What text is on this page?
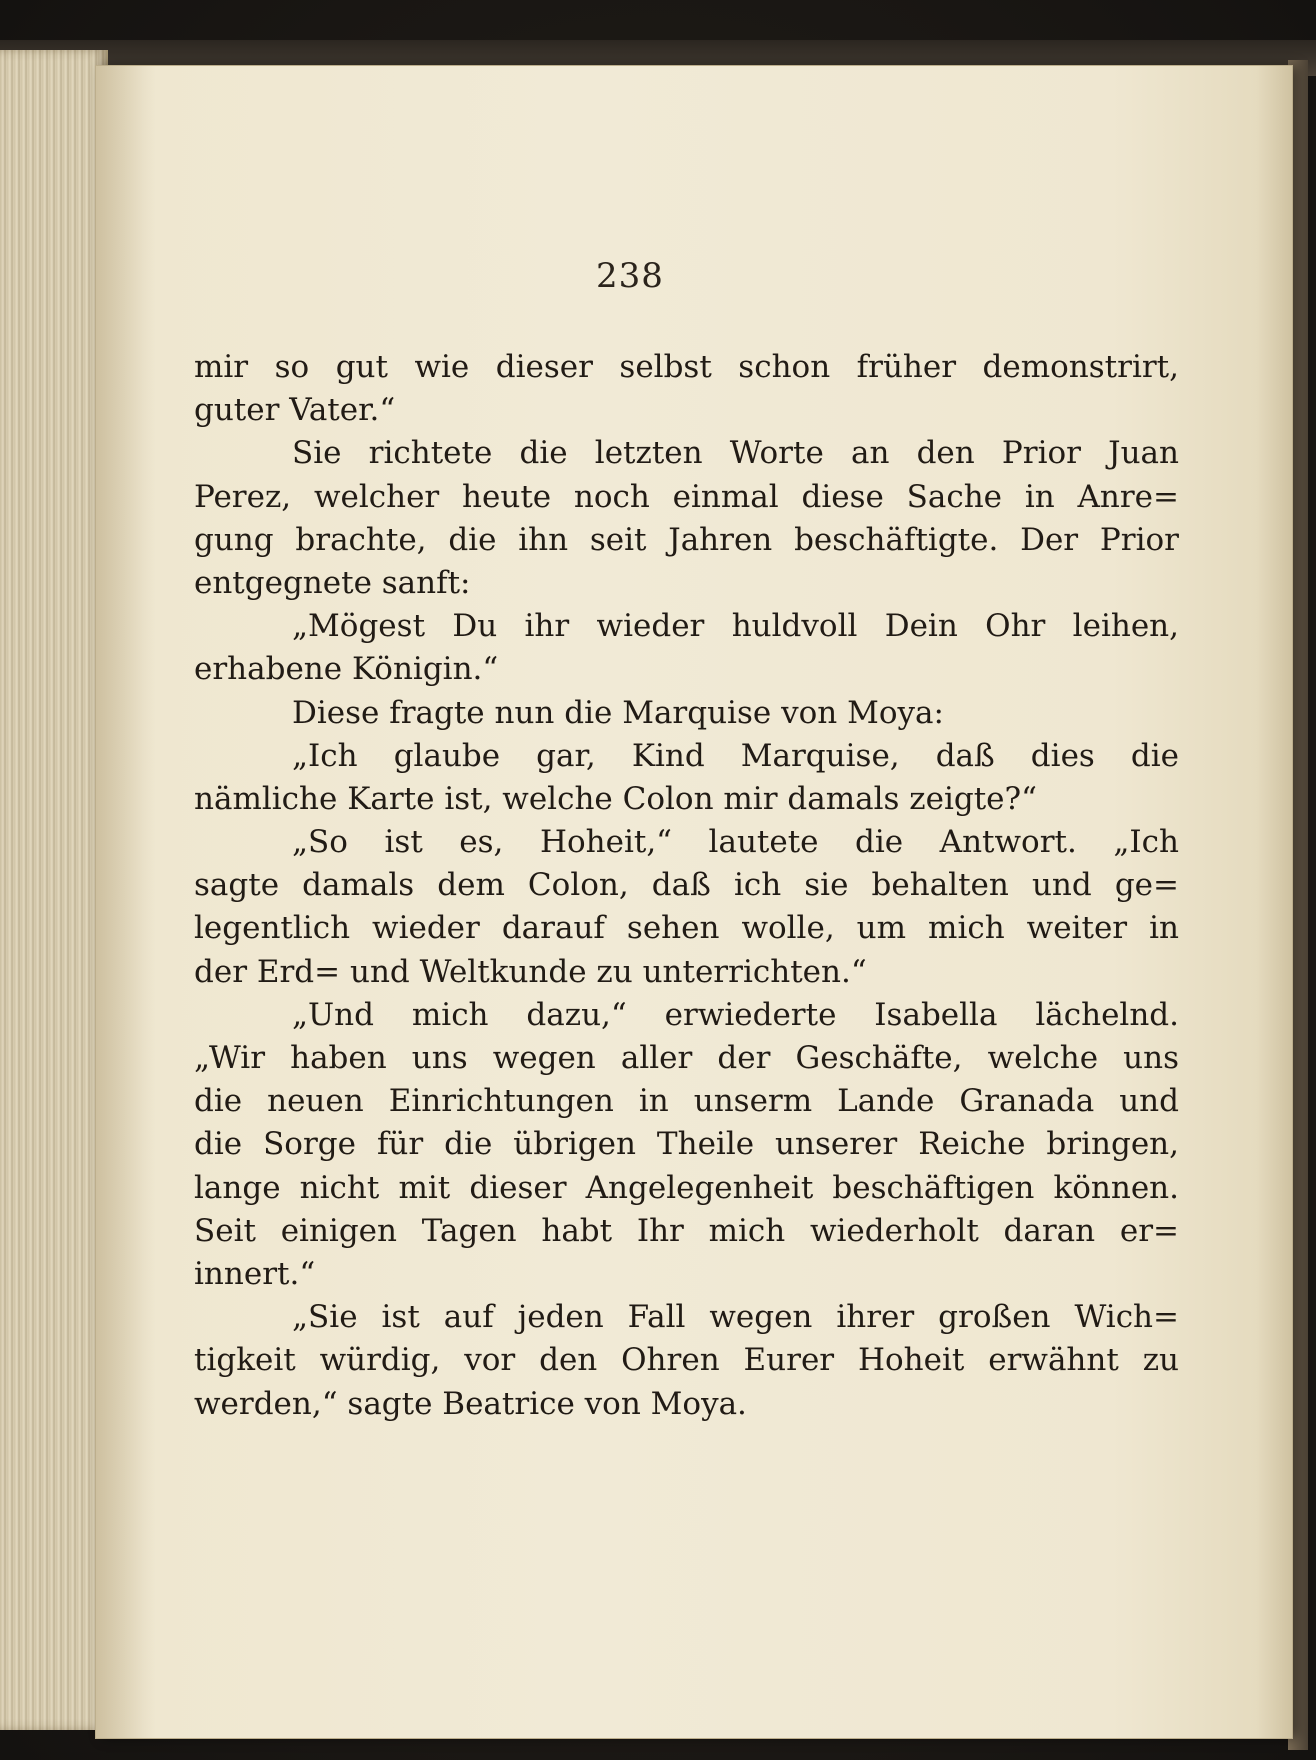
238
mir so gut wie dieser selbst schon früher demonstrirt,
guter Vater.“
Sie richtete die letzten Worte an den Prior Juan
Perez, welcher heute noch einmal diese Sache in Anre=
gung brachte, die ihn seit Jahren beschäftigte. Der Prior
entgegnete sanft:
„Mögest Du ihr wieder huldvoll Dein Ohr leihen,
erhabene Königin.“
Diese fragte nun die Marquise von Moya:
„Ich glaube gar, Kind Marquise, daß dies die
nämliche Karte ist, welche Colon mir damals zeigte?“
„So ist es, Hoheit,“ lautete die Antwort. „Ich
sagte damals dem Colon, daß ich sie behalten und ge=
legentlich wieder darauf sehen wolle, um mich weiter in
der Erd= und Weltkunde zu unterrichten.“
„Und mich dazu,“ erwiederte Isabella lächelnd.
„Wir haben uns wegen aller der Geschäfte, welche uns
die neuen Einrichtungen in unserm Lande Granada und
die Sorge für die übrigen Theile unserer Reiche bringen,
lange nicht mit dieser Angelegenheit beschäftigen können.
Seit einigen Tagen habt Ihr mich wiederholt daran er=
innert.“
„Sie ist auf jeden Fall wegen ihrer großen Wich=
tigkeit würdig, vor den Ohren Eurer Hoheit erwähnt zu
werden,“ sagte Beatrice von Moya.
